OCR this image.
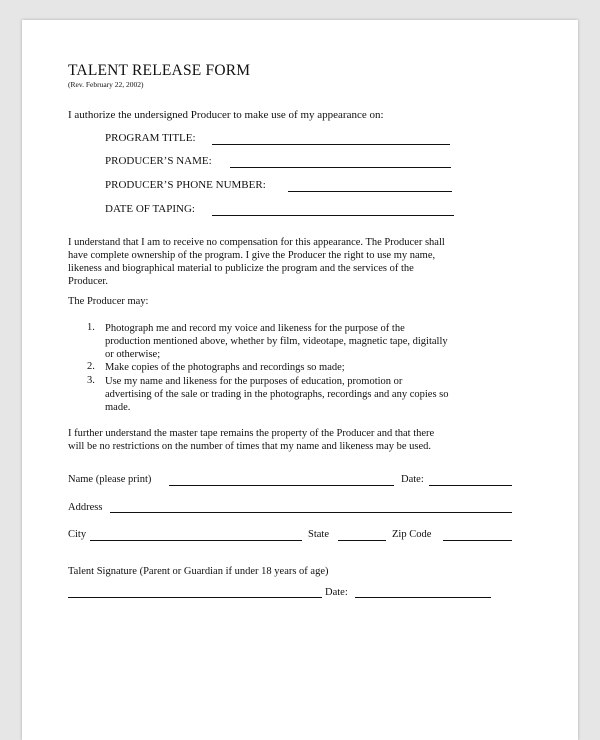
TALENT RELEASE FORM
(Rev. February 22, 2002)
I authorize the undersigned Producer to make use of my appearance on:
PROGRAM TITLE:
PRODUCER’S NAME:
PRODUCER’S PHONE NUMBER:
DATE OF TAPING:
I understand that I am to receive no compensation for this appearance. The Producer shall
have complete ownership of the program. I give the Producer the right to use my name,
likeness and biographical material to publicize the program and the services of the
Producer.
The Producer may:
1. Photograph me and record my voice and likeness for the purpose of the
production mentioned above, whether by film, videotape, magnetic tape, digitally
or otherwise;
2. Make copies of the photographs and recordings so made;
3. Use my name and likeness for the purposes of education, promotion or
advertising of the sale or trading in the photographs, recordings and any copies so
made.
I further understand the master tape remains the property of the Producer and that there
will be no restrictions on the number of times that my name and likeness may be used.
Name (please print)	Date:
Address
City	State	Zip Code
Talent Signature (Parent or Guardian if under 18 years of age)
Date:
